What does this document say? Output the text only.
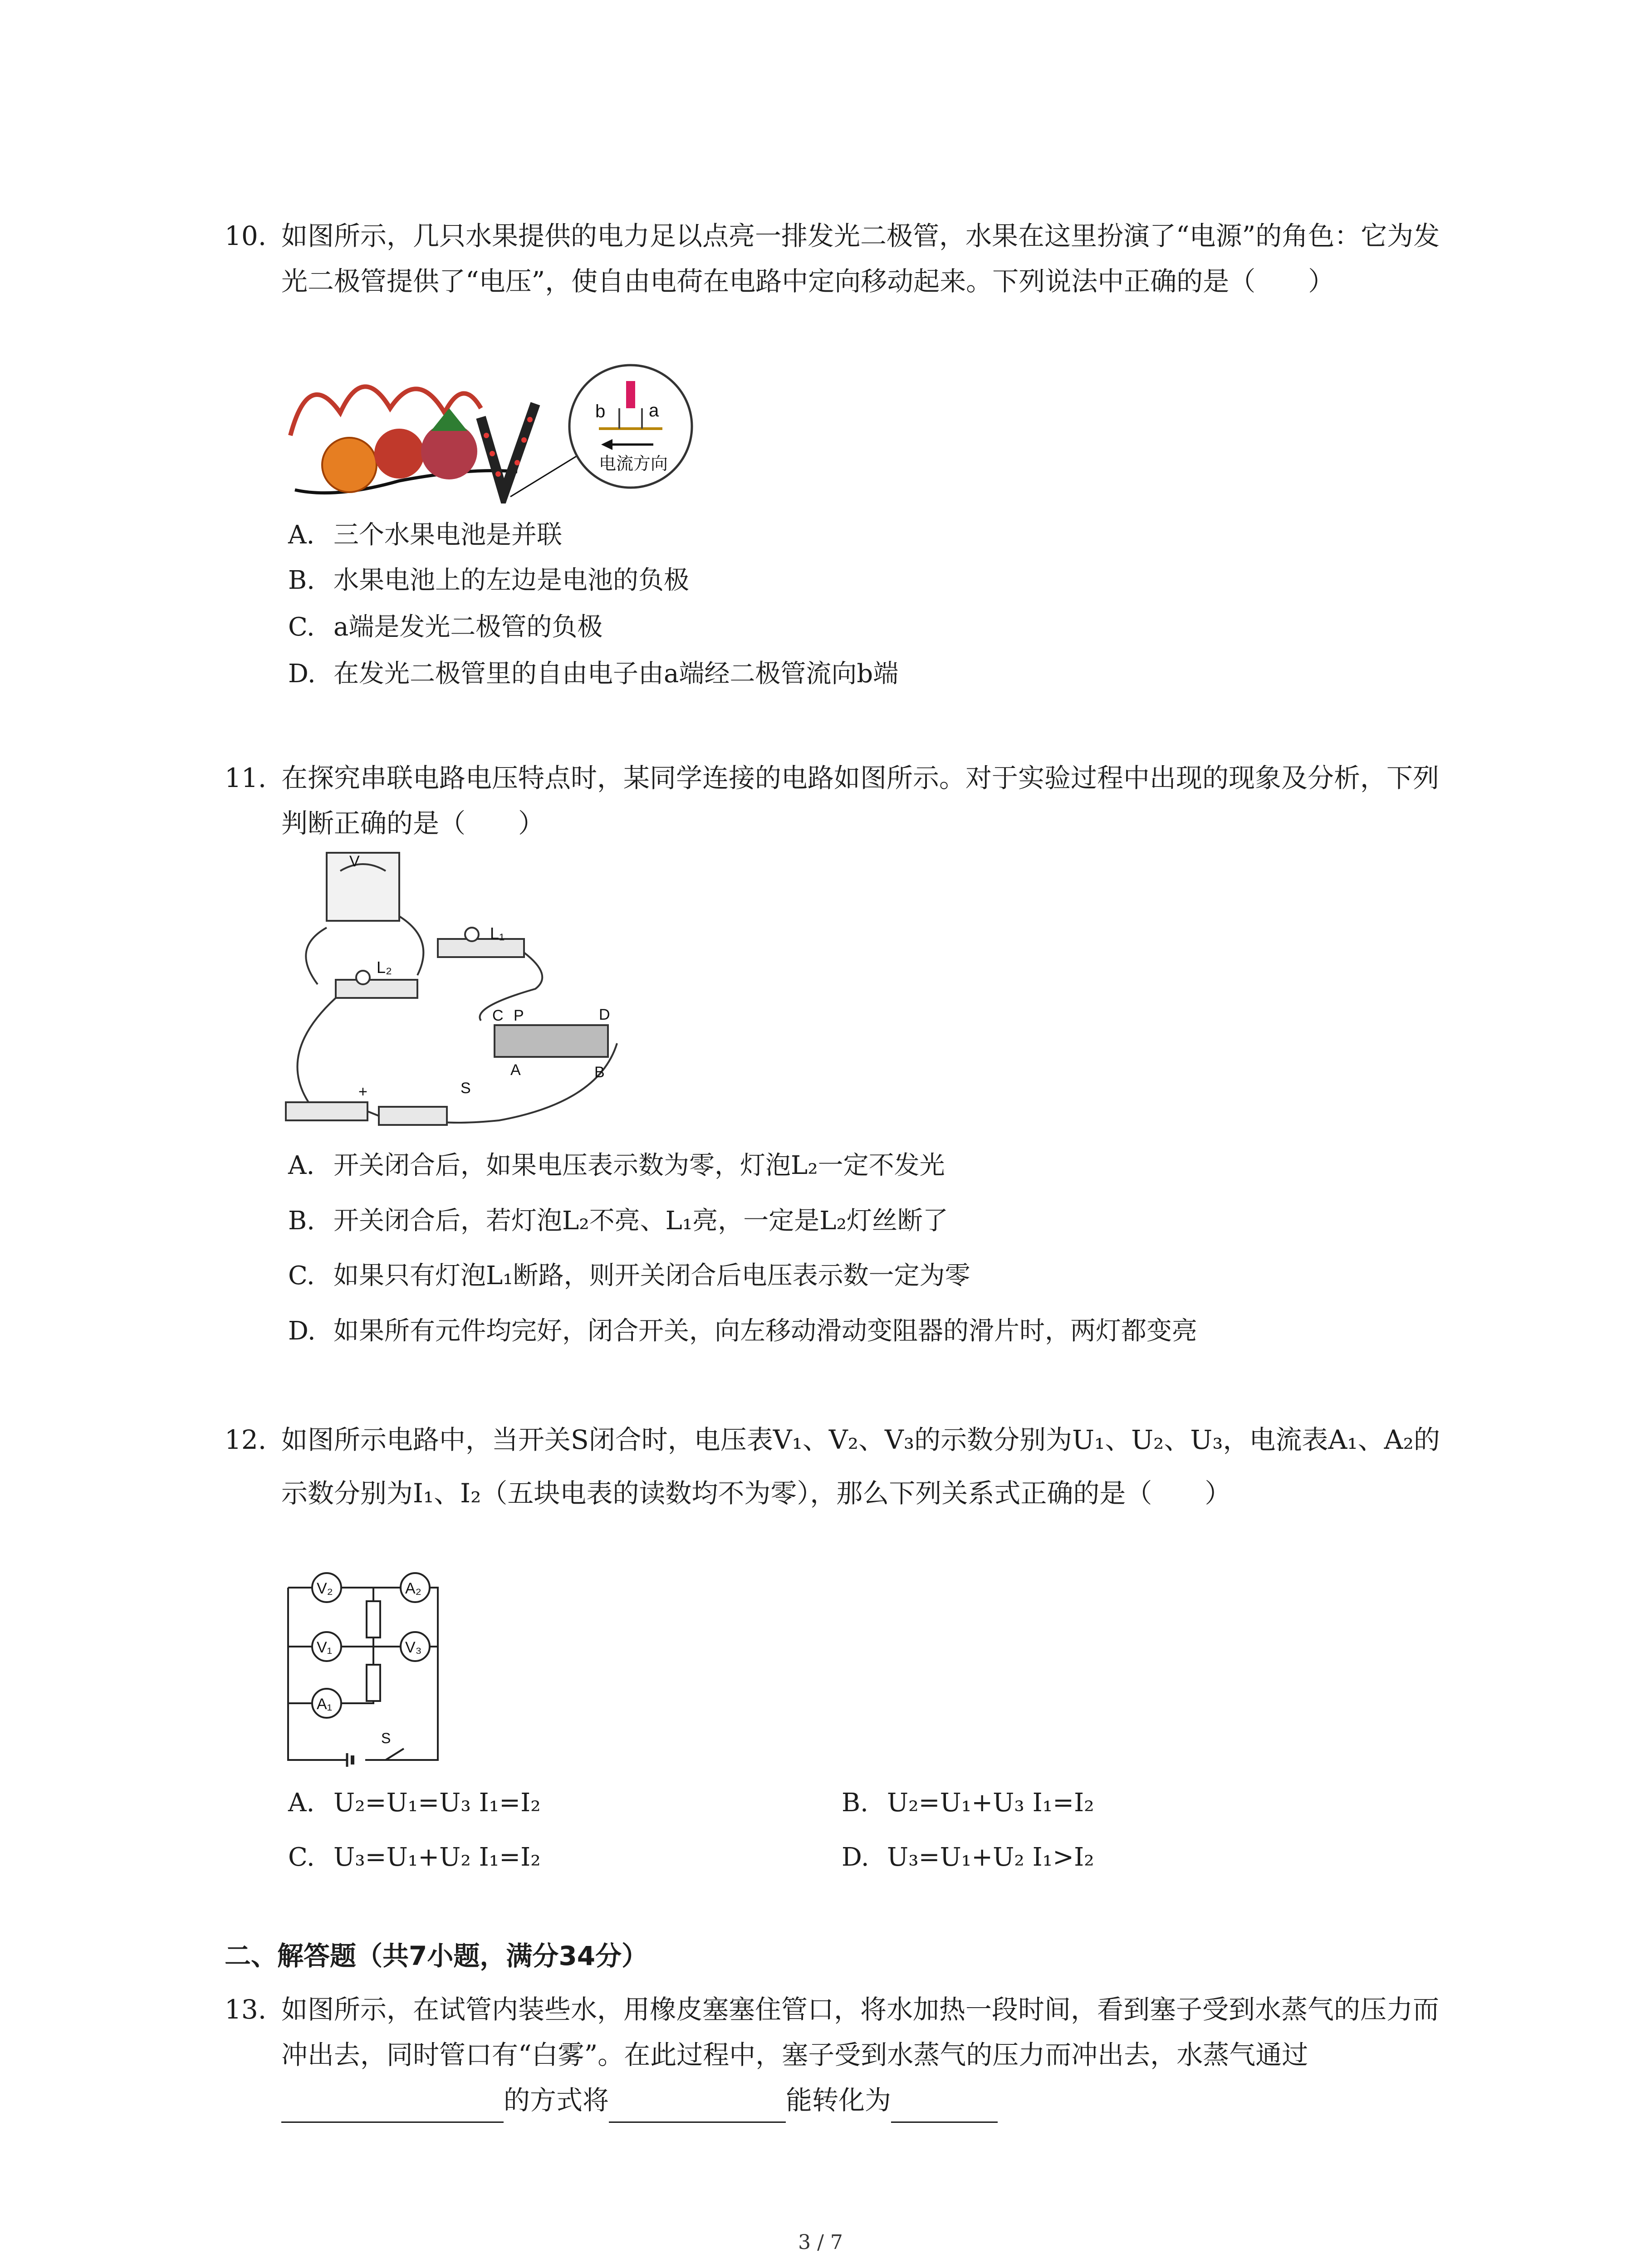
10. 如图所示，几只水果提供的电力足以点亮一排发光二极管，水果在这里扮演了“电源”的角色：它为发光二极管提供了“电压”，使自由电荷在电路中定向移动起来。下列说法中正确的是（　　）
b a
电流方向
A. 三个水果电池是并联
B. 水果电池上的左边是电池的负极
C. a端是发光二极管的负极
D. 在发光二极管里的自由电子由a端经二极管流向b端
11. 在探究串联电路电压特点时，某同学连接的电路如图所示。对于实验过程中出现的现象及分析，下列判断正确的是（　　）
V
L₁
L₂
C P	D
A	B
S
+
A. 开关闭合后，如果电压表示数为零，灯泡L₂一定不发光
B. 开关闭合后，若灯泡L₂不亮、L₁亮，一定是L₂灯丝断了
C. 如果只有灯泡L₁断路，则开关闭合后电压表示数一定为零
D. 如果所有元件均完好，闭合开关，向左移动滑动变阻器的滑片时，两灯都变亮
12. 如图所示电路中，当开关S闭合时，电压表V₁、V₂、V₃的示数分别为U₁、U₂、U₃，电流表A₁、A₂的示数分别为I₁、I₂（五块电表的读数均不为零），那么下列关系式正确的是（　　）
V₂	A₂
V₁	V₃
A₁
S
A. U₂=U₁=U₃ I₁=I₂	B. U₂=U₁+U₃ I₁=I₂
C. U₃=U₁+U₂ I₁=I₂	D. U₃=U₁+U₂ I₁>I₂
二、解答题（共7小题，满分34分）
13. 如图所示，在试管内装些水，用橡皮塞塞住管口，将水加热一段时间，看到塞子受到水蒸气的压力而冲出去，同时管口有“白雾”。在此过程中，塞子受到水蒸气的压力而冲出去，水蒸气通过的方式将	能转化为
3 / 7
